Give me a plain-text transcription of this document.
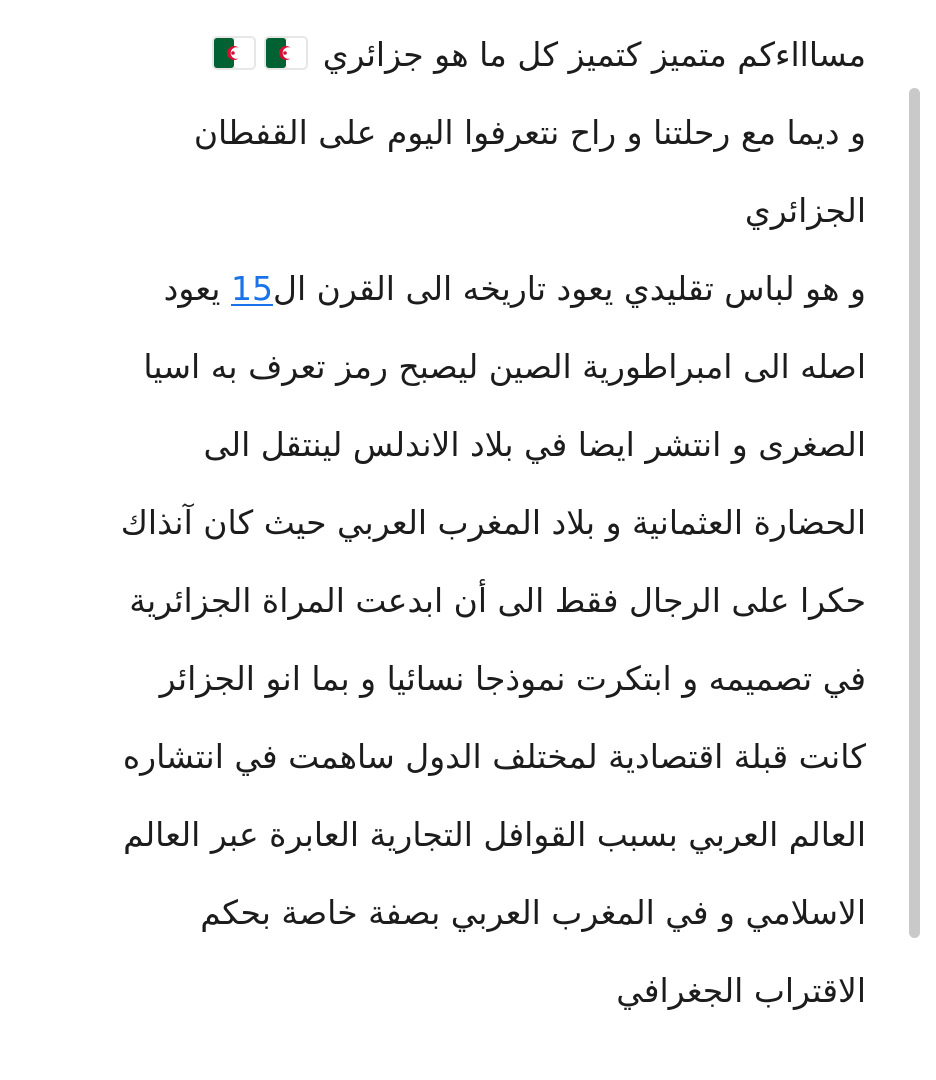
مساااءكم متميز كتميز كل ما هو جزائري
و ديما مع رحلتنا و راح نتعرفوا اليوم على القفطان
الجزائري
و هو لباس تقليدي يعود تاريخه الى القرن ال15 يعود
اصله الى امبراطورية الصين ليصبح رمز تعرف به اسيا
الصغرى و انتشر ايضا في بلاد الاندلس لينتقل الى
الحضارة العثمانية و بلاد المغرب العربي حيث كان آنذاك
حكرا على الرجال فقط الى أن ابدعت المراة الجزائرية
في تصميمه و ابتكرت نموذجا نسائيا و بما انو الجزائر
كانت قبلة اقتصادية لمختلف الدول ساهمت في انتشاره
العالم العربي بسبب القوافل التجارية العابرة عبر العالم
الاسلامي و في المغرب العربي بصفة خاصة بحكم
الاقتراب الجغرافي
